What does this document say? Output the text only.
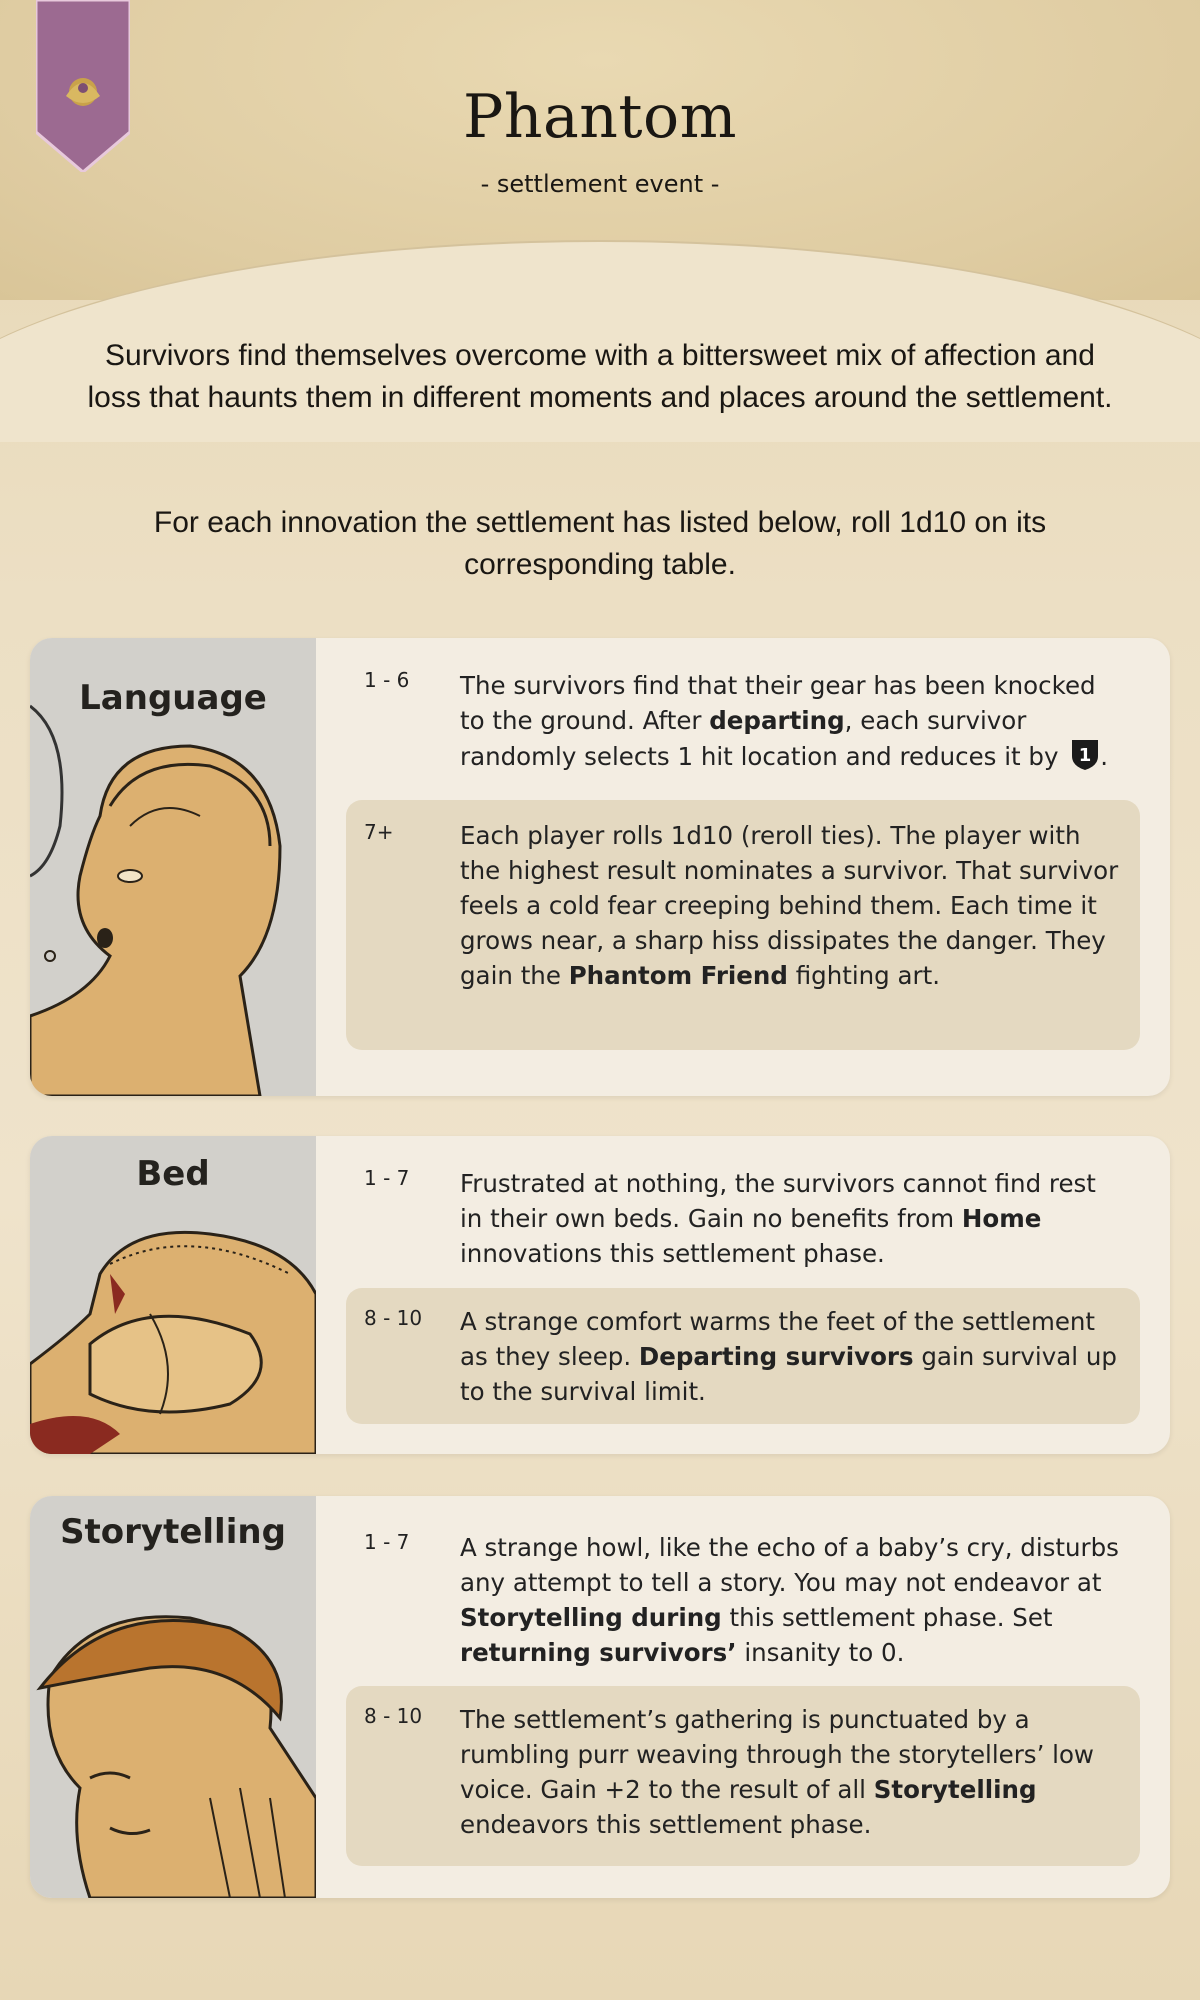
Phantom
- settlement event -
Survivors find themselves overcome with a bittersweet mix of affection and loss that haunts them in different moments and places around the settlement.
For each innovation the settlement has listed below, roll 1d10 on its corresponding table.
Language	1 - 6	The survivors find that their gear has been knocked to the ground. After departing, each survivor randomly selects 1 hit location and reduces it by 1 .
7+	Each player rolls 1d10 (reroll ties). The player with the highest result nominates a survivor. That survivor feels a cold fear creeping behind them. Each time it grows near, a sharp hiss dissipates the danger. They gain the Phantom Friend fighting art.
Bed	1 - 7	Frustrated at nothing, the survivors cannot find rest in their own beds. Gain no benefits from Home innovations this settlement phase.
8 - 10	A strange comfort warms the feet of the settlement as they sleep. Departing survivors gain survival up to the survival limit.
Storytelling	1 - 7	A strange howl, like the echo of a baby’s cry, disturbs any attempt to tell a story. You may not endeavor at Storytelling during this settlement phase. Set returning survivors’ insanity to 0.
8 - 10	The settlement’s gathering is punctuated by a rumbling purr weaving through the storytellers’ low voice. Gain +2 to the result of all Storytelling endeavors this settlement phase.
